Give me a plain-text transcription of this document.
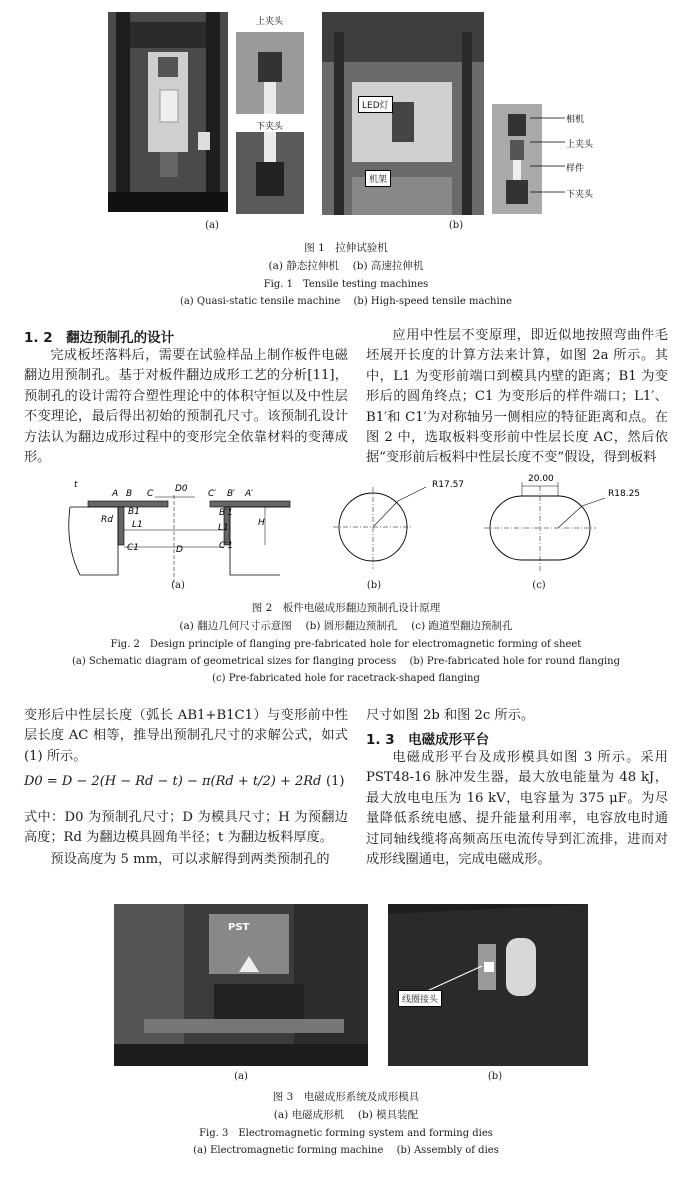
上夹头
下夹头
LED灯
机架
相机
上夹头
样件
下夹头
(a)	(b)
图 1　拉伸试验机
(a) 静态拉伸机　 (b) 高速拉伸机
Fig. 1　Tensile testing machines
(a) Quasi-static tensile machine　 (b) High-speed tensile machine
1. 2　翻边预制孔的设计

完成板坯落料后，需要在试验样品上制作板件电磁翻边用预制孔。基于对板件翻边成形工艺的分析[11]，预制孔的设计需符合塑性理论中的体积守恒以及中性层不变理论，最后得出初始的预制孔尺寸。该预制孔设计方法认为翻边成形过程中的变形完全依靠材料的变薄成形。

应用中性层不变原理，即近似地按照弯曲件毛坯展开长度的计算方法来计算，如图 2a 所示。其中，L1 为变形前端口到模具内壁的距离；B1 为变形后的圆角终点；C1 为变形后的样件端口；L1′、B1′和 C1′为对称轴另一侧相应的特征距离和点。在图 2 中，选取板料变形前中性层长度 AC，然后依据“变形前后板料中性层长度不变”假设，得到板料

t
A B C D0 C′ B′ A′
Rd
B1
L1
B′1
L1	H
C1	D	C′1
R17.57
20.00
R18.25
(a)	(b)	(c)
图 2　板件电磁成形翻边预制孔设计原理
(a) 翻边几何尺寸示意图　 (b) 圆形翻边预制孔　 (c) 跑道型翻边预制孔
Fig. 2　Design principle of flanging pre-fabricated hole for electromagnetic forming of sheet
(a) Schematic diagram of geometrical sizes for flanging process　 (b) Pre-fabricated hole for round flanging
(c) Pre-fabricated hole for racetrack-shaped flanging

变形后中性层长度（弧长 AB1+B1C1）与变形前中性层长度 AC 相等，推导出预制孔尺寸的求解公式，如式 (1) 所示。

D0 = D − 2(H − Rd − t) − π(Rd + t/2) + 2Rd (1)

式中：D0 为预制孔尺寸；D 为模具尺寸；H 为预翻边高度；Rd 为翻边模具圆角半径；t 为翻边板料厚度。

预设高度为 5 mm，可以求解得到两类预制孔的

尺寸如图 2b 和图 2c 所示。

1. 3　电磁成形平台

电磁成形平台及成形模具如图 3 所示。采用 PST48-16 脉冲发生器，最大放电能量为 48 kJ，最大放电电压为 16 kV，电容量为 375 μF。为尽量降低系统电感、提升能量利用率，电容放电时通过同轴线缆将高频高压电流传导到汇流排，进而对成形线圈通电，完成电磁成形。

PST
线圈接头
(a)	(b)
图 3　电磁成形系统及成形模具
(a) 电磁成形机　 (b) 模具装配
Fig. 3　Electromagnetic forming system and forming dies
(a) Electromagnetic forming machine　 (b) Assembly of dies
